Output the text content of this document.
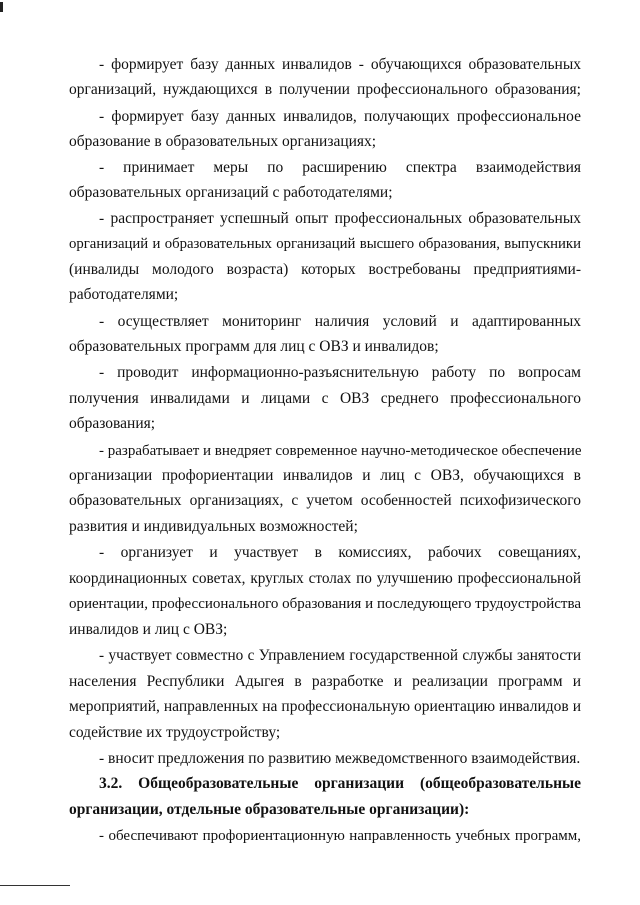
- формирует базу данных инвалидов - обучающихся образовательных
организаций, нуждающихся в получении профессионального образования;
- формирует базу данных инвалидов, получающих профессиональное
образование в образовательных организациях;
- принимает меры по расширению спектра взаимодействия
образовательных организаций с работодателями;
- распространяет успешный опыт профессиональных образовательных
организаций и образовательных организаций высшего образования, выпускники
(инвалиды молодого возраста) которых востребованы предприятиями-
работодателями;
- осуществляет мониторинг наличия условий и адаптированных
образовательных программ для лиц с ОВЗ и инвалидов;
- проводит информационно-разъяснительную работу по вопросам
получения инвалидами и лицами с ОВЗ среднего профессионального
образования;
- разрабатывает и внедряет современное научно-методическое обеспечение
организации профориентации инвалидов и лиц с ОВЗ, обучающихся в
образовательных организациях, с учетом особенностей психофизического
развития и индивидуальных возможностей;
- организует и участвует в комиссиях, рабочих совещаниях,
координационных советах, круглых столах по улучшению профессиональной
ориентации, профессионального образования и последующего трудоустройства
инвалидов и лиц с ОВЗ;
- участвует совместно с Управлением государственной службы занятости
населения Республики Адыгея в разработке и реализации программ и
мероприятий, направленных на профессиональную ориентацию инвалидов и
содействие их трудоустройству;
- вносит предложения по развитию межведомственного взаимодействия.
3.2. Общеобразовательные организации (общеобразовательные
организации, отдельные образовательные организации):
- обеспечивают профориентационную направленность учебных программ,
